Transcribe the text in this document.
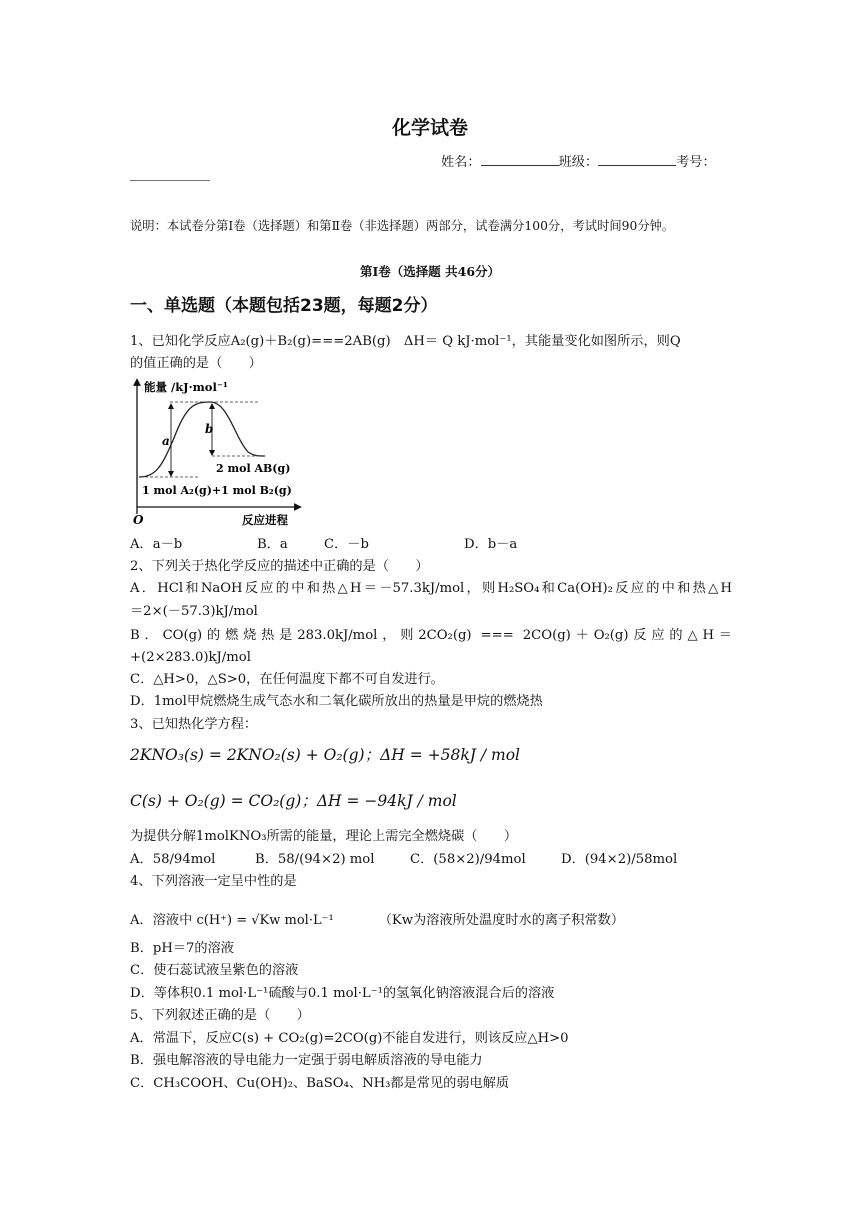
化学试卷
姓名：	班级：	考号：
说明：本试卷分第Ⅰ卷（选择题）和第Ⅱ卷（非选择题）两部分，试卷满分100分，考试时间90分钟。
第Ⅰ卷（选择题 共46分）
一、单选题（本题包括23题，每题2分）
1、已知化学反应A₂(g)＋B₂(g)===2AB(g)　ΔH＝ Q kJ·mol⁻¹，其能量变化如图所示，则Q
的值正确的是（　　）
能量 /kJ·mol⁻¹
a
b
2 mol AB(g)
1 mol A₂(g)+1 mol B₂(g)
O	反应进程
A．a－b	B．a	C．－b	D．b－a
2、下列关于热化学反应的描述中正确的是（　　）
A．HCl和NaOH反应的中和热△H＝－57.3kJ/mol，则H₂SO₄和Ca(OH)₂反应的中和热△H
＝2×(－57.3)kJ/mol
B．CO(g)的燃烧热是283.0kJ/mol，则2CO₂(g) === 2CO(g)＋O₂(g)反应的△H＝
+(2×283.0)kJ/mol
C．△H>0，△S>0，在任何温度下都不可自发进行。
D．1mol甲烷燃烧生成气态水和二氧化碳所放出的热量是甲烷的燃烧热
3、已知热化学方程：
2KNO₃(s) = 2KNO₂(s) + O₂(g)；ΔH = +58kJ / mol
C(s) + O₂(g) = CO₂(g)；ΔH = −94kJ / mol
为提供分解1molKNO₃所需的能量，理论上需完全燃烧碳（　　）
A．58/94mol	B．58/(94×2) mol	C．(58×2)/94mol	D．(94×2)/58mol
4、下列溶液一定呈中性的是
A．溶液中 c(H⁺) = √Kw mol·L⁻¹	（Kw为溶液所处温度时水的离子积常数）
B．pH＝7的溶液
C．使石蕊试液呈紫色的溶液
D．等体积0.1 mol·L⁻¹硫酸与0.1 mol·L⁻¹的氢氧化钠溶液混合后的溶液
5、下列叙述正确的是（　　）
A．常温下，反应C(s) + CO₂(g)=2CO(g)不能自发进行，则该反应△H>0
B．强电解溶液的导电能力一定强于弱电解质溶液的导电能力
C．CH₃COOH、Cu(OH)₂、BaSO₄、NH₃都是常见的弱电解质
